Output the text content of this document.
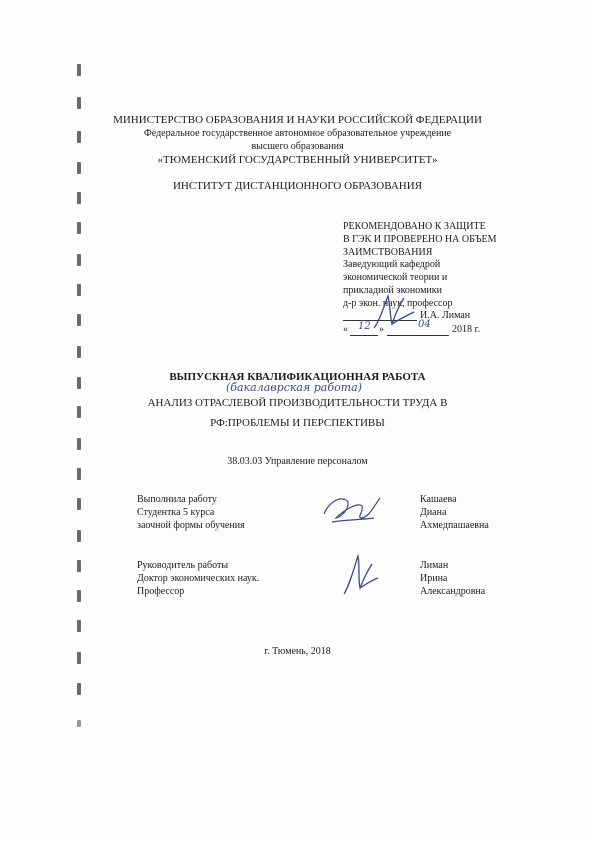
МИНИСТЕРСТВО ОБРАЗОВАНИЯ И НАУКИ РОССИЙСКОЙ ФЕДЕРАЦИИ
Федеральное государственное автономное образовательное учреждение
высшего образования
«ТЮМЕНСКИЙ ГОСУДАРСТВЕННЫЙ УНИВЕРСИТЕТ»
ИНСТИТУТ ДИСТАНЦИОННОГО ОБРАЗОВАНИЯ
РЕКОМЕНДОВАНО К ЗАЩИТЕ
В ГЭК И ПРОВЕРЕНО НА ОБЪЕМ
ЗАИМСТВОВАНИЯ
Заведующий кафедрой
экономической теории и
прикладной экономики
д-р экон. наук, профессор
И.А. Лиман
« 12 »	04 2018 г.
ВЫПУСКНАЯ КВАЛИФИКАЦИОННАЯ РАБОТА
(бакалаврская работа)
АНАЛИЗ ОТРАСЛЕВОЙ ПРОИЗВОДИТЕЛЬНОСТИ ТРУДА В
РФ:ПРОБЛЕМЫ И ПЕРСПЕКТИВЫ
38.03.03 Управление персоналом
Выполнила работу
Студентка 5 курса
заочной формы обучения
Кашаева
Диана
Ахмедпашаевна
Руководитель работы
Доктор экономических наук.
Профессор
Лиман
Ирина
Александровна
г. Тюмень, 2018
